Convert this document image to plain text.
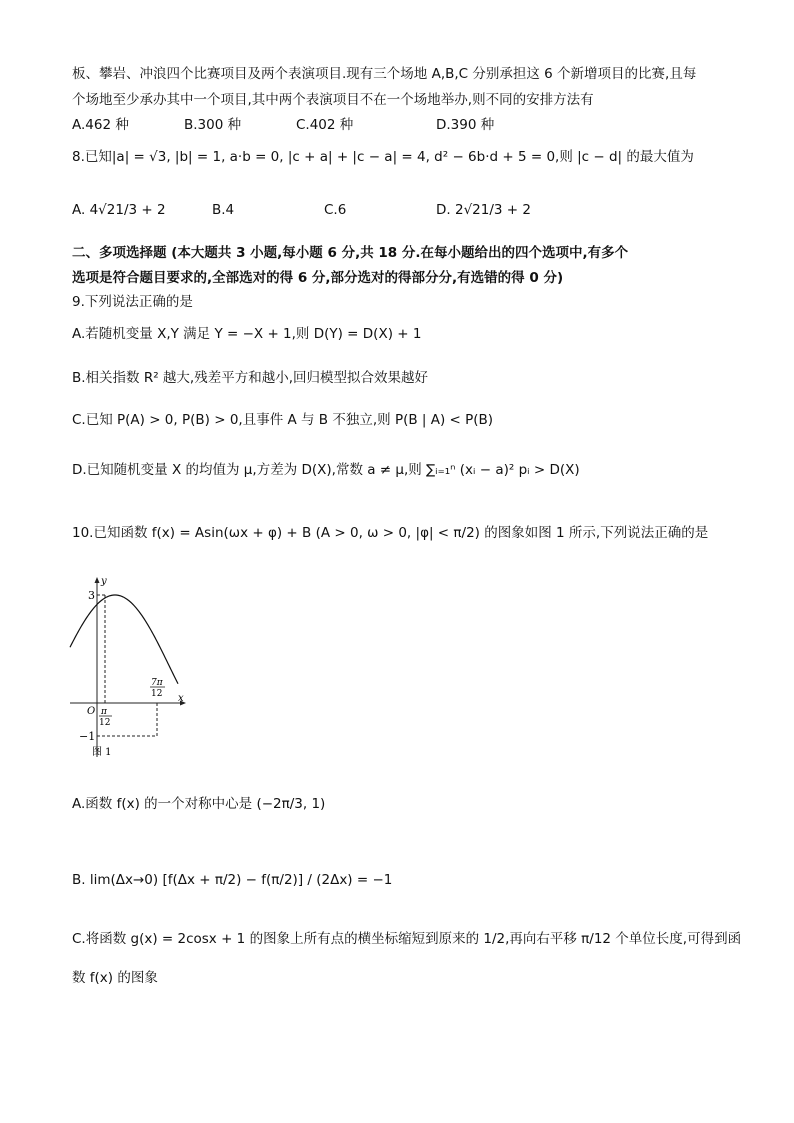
板、攀岩、冲浪四个比赛项目及两个表演项目.现有三个场地 A,B,C 分别承担这 6 个新增项目的比赛,且每
个场地至少承办其中一个项目,其中两个表演项目不在一个场地举办,则不同的安排方法有
A.462 种	B.300 种	C.402 种	D.390 种
8.已知|a| = √3, |b| = 1, a·b = 0, |c + a| + |c − a| = 4, d² − 6b·d + 5 = 0,则 |c − d| 的最大值为
A. 4√21/3 + 2	B.4	C.6	D. 2√21/3 + 2
二、多项选择题 (本大题共 3 小题,每小题 6 分,共 18 分.在每小题给出的四个选项中,有多个
选项是符合题目要求的,全部选对的得 6 分,部分选对的得部分分,有选错的得 0 分)
9.下列说法正确的是
A.若随机变量 X,Y 满足 Y = −X + 1,则 D(Y) = D(X) + 1
B.相关指数 R² 越大,残差平方和越小,回归模型拟合效果越好
C.已知 P(A) > 0, P(B) > 0,且事件 A 与 B 不独立,则 P(B | A) < P(B)
D.已知随机变量 X 的均值为 μ,方差为 D(X),常数 a ≠ μ,则 ∑ᵢ₌₁ⁿ (xᵢ − a)² pᵢ > D(X)
10.已知函数 f(x) = Asin(ωx + φ) + B (A > 0, ω > 0, |φ| < π/2) 的图象如图 1 所示,下列说法正确的是
y
x
3
−1
O π
12
7π
12
图 1
A.函数 f(x) 的一个对称中心是 (−2π/3, 1)
B. lim(Δx→0) [f(Δx + π/2) − f(π/2)] / (2Δx) = −1
C.将函数 g(x) = 2cosx + 1 的图象上所有点的横坐标缩短到原来的 1/2,再向右平移 π/12 个单位长度,可得到函
数 f(x) 的图象
